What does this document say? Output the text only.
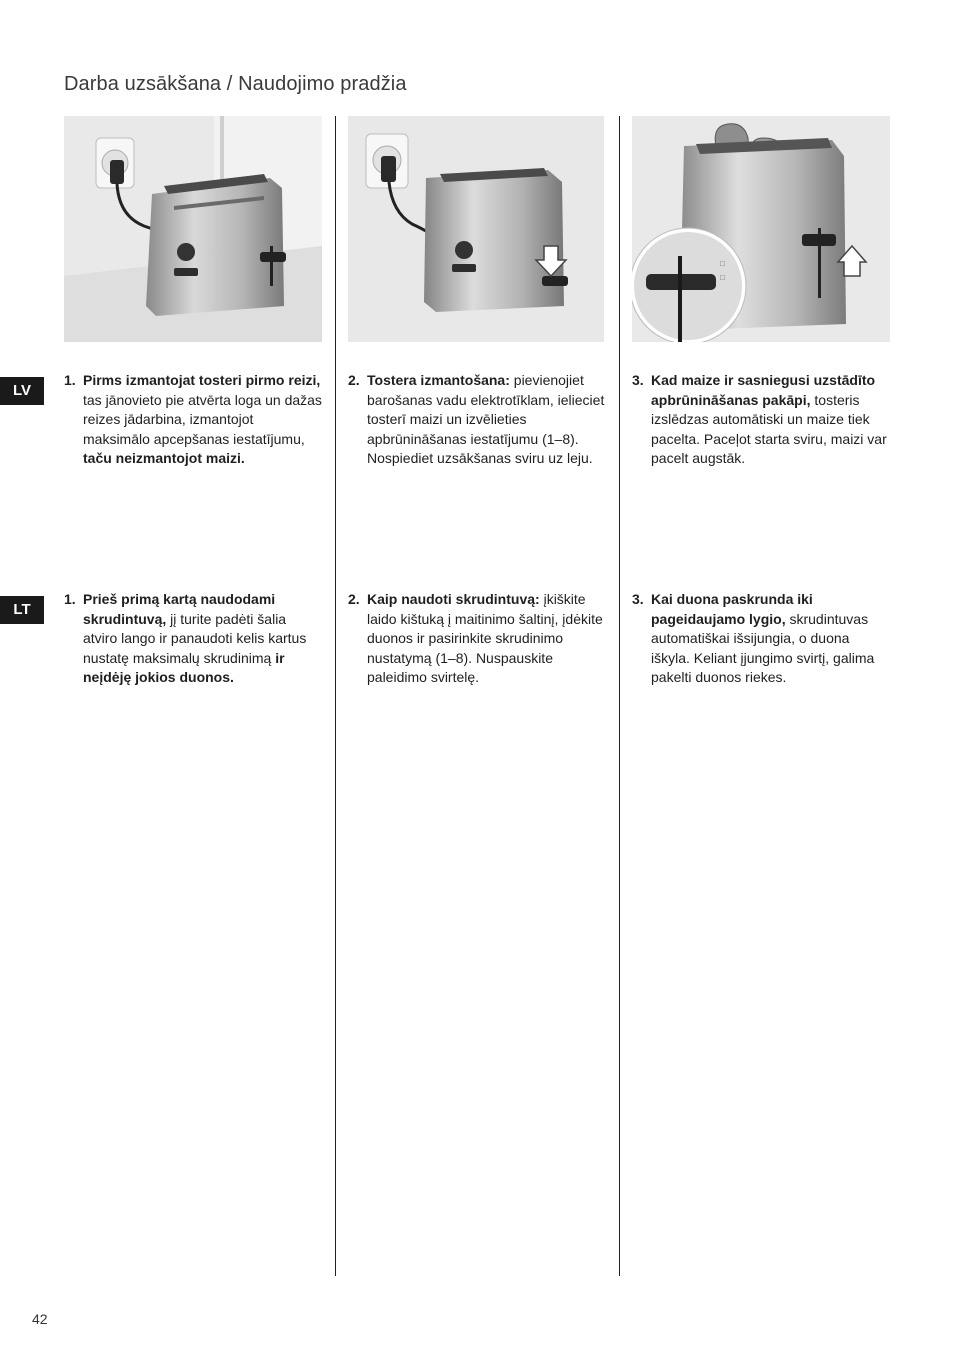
Darba uzsākšana / Naudojimo pradžia
□
□
LV
LT
1. Pirms izmantojat tosteri pirmo reizi, tas jānovieto pie atvērta loga un dažas reizes jādarbina, izmantojot maksimālo apcepšanas iestatījumu, taču neizmantojot maizi.
2. Tostera izmantošana: pievienojiet barošanas vadu elektrotīklam, ielieciet tosterī maizi un izvēlieties apbrūnināšanas iestatījumu (1–8). Nospiediet uzsākšanas sviru uz leju.
3. Kad maize ir sasniegusi uzstādīto apbrūnināšanas pakāpi, tosteris izslēdzas automātiski un maize tiek pacelta. Paceļot starta sviru, maizi var pacelt augstāk.
1. Prieš primą kartą naudodami skrudintuvą, jį turite padėti šalia atviro lango ir panaudoti kelis kartus nustatę maksimalų skrudinimą ir neįdėję jokios duonos.
2. Kaip naudoti skrudintuvą: įkiškite laido kištuką į maitinimo šaltinį, įdėkite duonos ir pasirinkite skrudinimo nustatymą (1–8). Nuspauskite paleidimo svirtelę.
3. Kai duona paskrunda iki pageidaujamo lygio, skrudintuvas automatiškai išsijungia, o duona iškyla. Keliant įjungimo svirtį, galima pakelti duonos riekes.
42
